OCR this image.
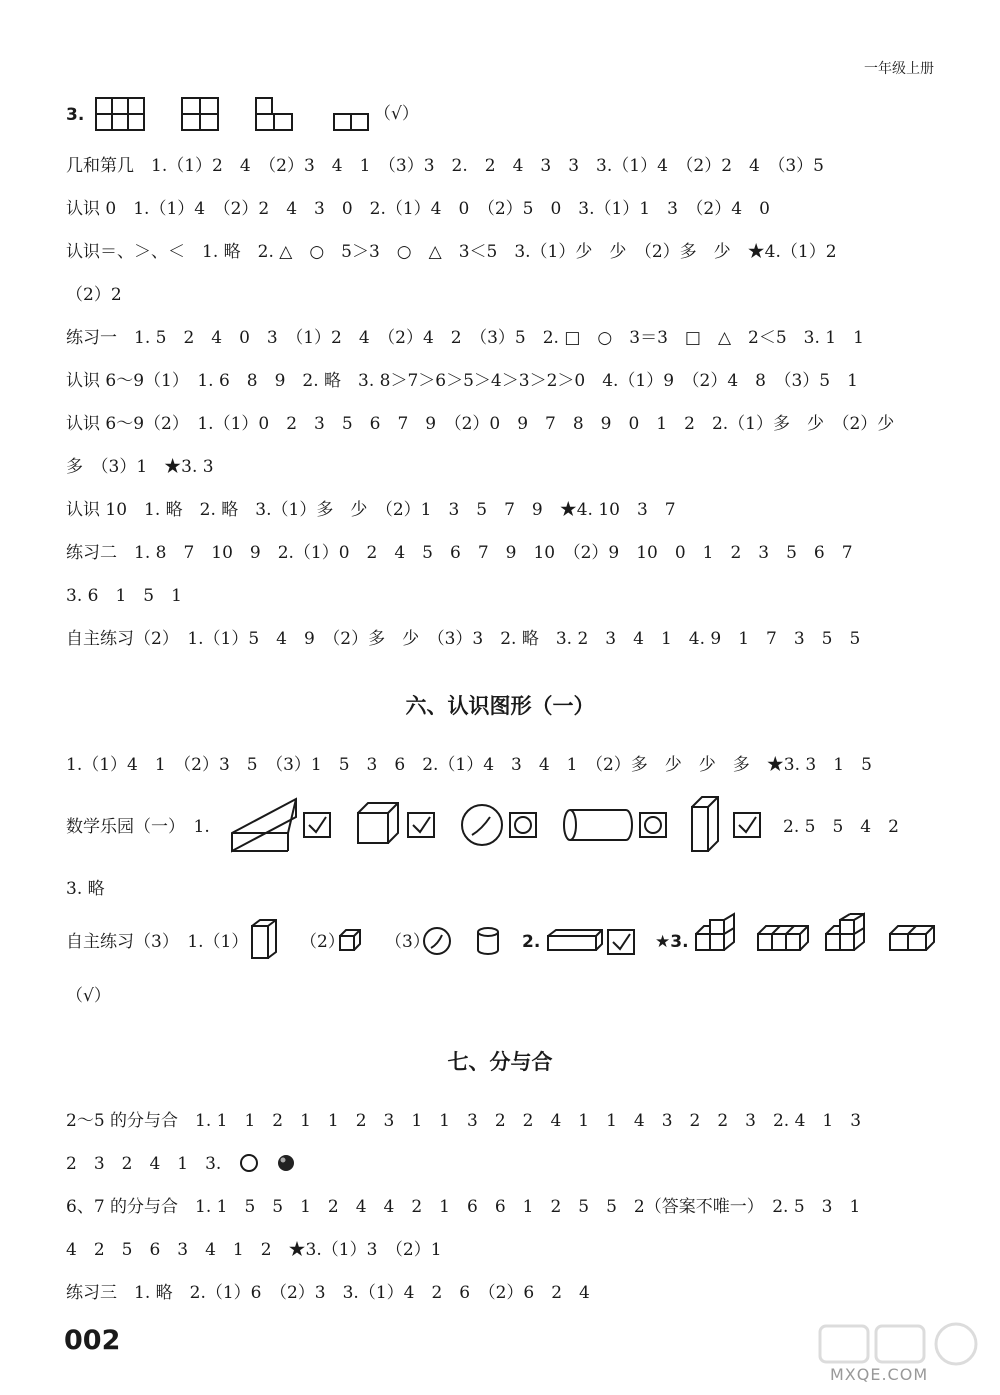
一年级上册
3.	（√）
几和第几　1.（1）2　4　（2）3　4　1　（3）3　2.　2　4　3　3　3.（1）4　（2）2　4　（3）5
认识 0　1.（1）4　（2）2　4　3　0　2.（1）4　0　（2）5　0　3.（1）1　3　（2）4　0
认识＝、＞、＜　1. 略　2. △　○　5＞3　○　△　3＜5　3.（1）少　少　（2）多　少　★4.（1）2
（2）2
练习一　1. 5　2　4　0　3　（1）2　4　（2）4　2　（3）5　2. □　○　3＝3　□　△　2＜5　3. 1　1
认识 6～9（1）　1. 6　8　9　2. 略　3. 8＞7＞6＞5＞4＞3＞2＞0　4.（1）9　（2）4　8　（3）5　1
认识 6～9（2）　1.（1）0　2　3　5　6　7　9　（2）0　9　7　8　9　0　1　2　2.（1）多　少　（2）少
多　（3）1　★3. 3
认识 10　1. 略　2. 略　3.（1）多　少　（2）1　3　5　7　9　★4. 10　3　7
练习二　1. 8　7　10　9　2.（1）0　2　4　5　6　7　9　10　（2）9　10　0　1　2　3　5　6　7
3. 6　1　5　1
自主练习（2）　1.（1）5　4　9　（2）多　少　（3）3　2. 略　3. 2　3　4　1　4. 9　1　7　3　5　5
六、认识图形（一）
1.（1）4　1　（2）3　5　（3）1　5　3　6　2.（1）4　3　4　1　（2）多　少　少　多　★3. 3　1　5
数学乐园（一）　1.	2. 5　5　4　2
3. 略
自主练习（3）　1.（1）	（2） （3）	2.	★3.
（√）
七、分与合
2～5 的分与合　1. 1　1　2　1　1　2　3　1　1　3　2　2　4　1　1　4　3　2　2　3　2. 4　1　3
2　3　2　4　1　3.
6、7 的分与合　1. 1　5　5　1　2　4　4　2　1　6　6　1　2　5　5　2（答案不唯一）　2. 5　3　1
4　2　5　6　3　4　1　2　★3.（1）3　（2）1
练习三　1. 略　2.（1）6　（2）3　3.（1）4　2　6　（2）6　2　4
002
MXQE.COM
